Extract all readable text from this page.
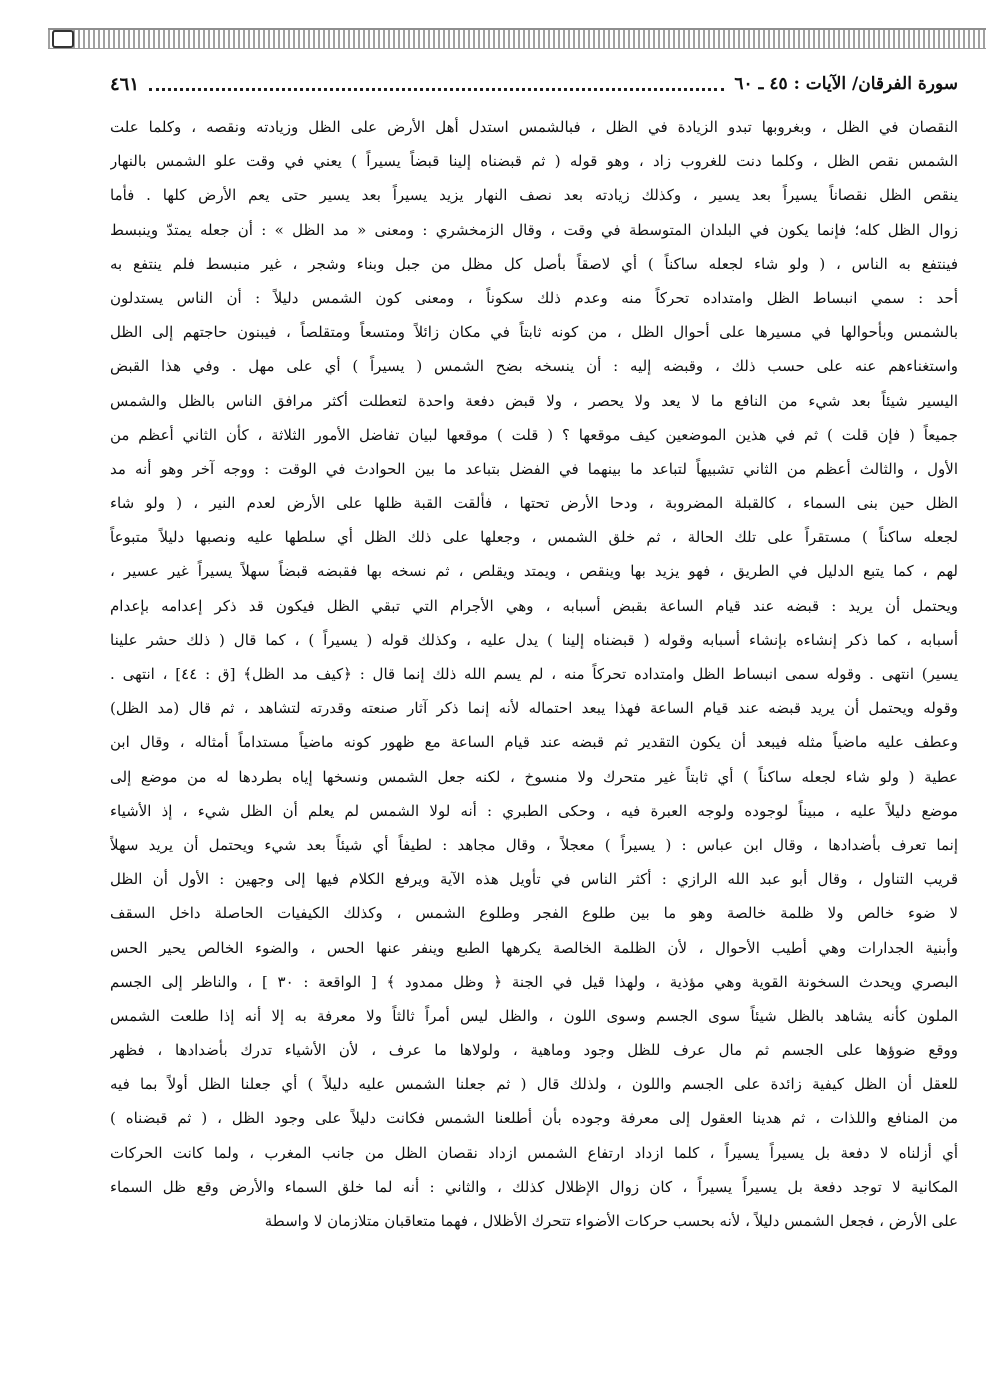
سورة الفرقان/ الآيات : ٤٥ ـ ٦٠
٤٦١
النقصان في الظل ، وبغروبها تبدو الزيادة في الظل ، فبالشمس استدل أهل الأرض على الظل وزيادته ونقصه ، وكلما علت
الشمس نقص الظل ، وكلما دنت للغروب زاد ، وهو قوله ( ثم قبضناه إلينا قبضاً يسيراً ) يعني في وقت علو الشمس بالنهار
ينقص الظل نقصاناً يسيراً بعد يسير ، وكذلك زيادته بعد نصف النهار يزيد يسيراً بعد يسير حتى يعم الأرض كلها . فأما
زوال الظل كله؛ فإنما يكون في البلدان المتوسطة في وقت ، وقال الزمخشري : ومعنى « مد الظل » : أن جعله يمتدّ وينبسط
فينتفع به الناس ، ( ولو شاء لجعله ساكناً ) أي لاصقاً بأصل كل مظل من جبل وبناء وشجر ، غير منبسط فلم ينتفع به
أحد : سمي انبساط الظل وامتداده تحركاً منه وعدم ذلك سكوناً ، ومعنى كون الشمس دليلاً : أن الناس يستدلون
بالشمس وبأحوالها في مسيرها على أحوال الظل ، من كونه ثابتاً في مكان زائلاً ومتسعاً ومتقلصاً ، فيبنون حاجتهم إلى الظل
واستغناءهم عنه على حسب ذلك ، وقبضه إليه : أن ينسخه بضح الشمس ( يسيراً ) أي على مهل . وفي هذا القبض
اليسير شيئاً بعد شيء من النافع ما لا يعد ولا يحصر ، ولا قبض دفعة واحدة لتعطلت أكثر مرافق الناس بالظل والشمس
جميعاً ( فإن قلت ) ثم في هذين الموضعين كيف موقعها ؟ ( قلت ) موقعها لبيان تفاضل الأمور الثلاثة ، كأن الثاني أعظم من
الأول ، والثالث أعظم من الثاني تشبيهاً لتباعد ما بينهما في الفضل بتباعد ما بين الحوادث في الوقت : ووجه آخر وهو أنه مد
الظل حين بنى السماء ، كالقبلة المضروبة ، ودحا الأرض تحتها ، فألقت القبة ظلها على الأرض لعدم النير ، ( ولو شاء
لجعله ساكناً ) مستقراً على تلك الحالة ، ثم خلق الشمس ، وجعلها على ذلك الظل أي سلطها عليه ونصبها دليلاً متبوعاً
لهم ، كما يتبع الدليل في الطريق ، فهو يزيد بها وينقص ، ويمتد ويقلص ، ثم نسخه بها فقبضه قبضاً سهلاً يسيراً غير عسير ،
ويحتمل أن يريد : قبضه عند قيام الساعة بقبض أسبابه ، وهي الأجرام التي تبقي الظل فيكون قد ذكر إعدامه بإعدام
أسبابه ، كما ذكر إنشاءه بإنشاء أسبابه وقوله ( قبضناه إلينا ) يدل عليه ، وكذلك قوله ( يسيراً ) ، كما قال ( ذلك حشر علينا
يسير) انتهى . وقوله سمى انبساط الظل وامتداده تحركاً منه ، لم يسم الله ذلك إنما قال : ﴿كيف مد الظل﴾ [ق : ٤٤] ، انتهى .
وقوله ويحتمل أن يريد قبضه عند قيام الساعة فهذا يبعد احتماله لأنه إنما ذكر آثار صنعته وقدرته لتشاهد ، ثم قال (مد الظل)
وعطف عليه ماضياً مثله فيبعد أن يكون التقدير ثم قبضه عند قيام الساعة مع ظهور كونه ماضياً مستداماً أمثاله ، وقال ابن
عطية ( ولو شاء لجعله ساكناً ) أي ثابتاً غير متحرك ولا منسوخ ، لكنه جعل الشمس ونسخها إياه بطردها له من موضع إلى
موضع دليلاً عليه ، مبيناً لوجوده ولوجه العبرة فيه ، وحكى الطبري : أنه لولا الشمس لم يعلم أن الظل شيء ، إذ الأشياء
إنما تعرف بأضدادها ، وقال ابن عباس : ( يسيراً ) معجلاً ، وقال مجاهد : لطيفاً أي شيئاً بعد شيء ويحتمل أن يريد سهلاً
قريب التناول ، وقال أبو عبد الله الرازي : أكثر الناس في تأويل هذه الآية ويرفع الكلام فيها إلى وجهين : الأول أن الظل
لا ضوء خالص ولا ظلمة خالصة وهو ما بين طلوع الفجر وطلوع الشمس ، وكذلك الكيفيات الحاصلة داخل السقف
وأبنية الجدارات وهي أطيب الأحوال ، لأن الظلمة الخالصة يكرهها الطبع وينفر عنها الحس ، والضوء الخالص يحير الحس
البصري ويحدث السخونة القوية وهي مؤذية ، ولهذا قيل في الجنة ﴿ وظل ممدود ﴾ [ الواقعة : ٣٠ ] ، والناظر إلى الجسم
الملون كأنه يشاهد بالظل شيئاً سوى الجسم وسوى اللون ، والظل ليس أمراً ثالثاً ولا معرفة به إلا أنه إذا طلعت الشمس
ووقع ضوؤها على الجسم ثم مال عرف للظل وجود وماهية ، ولولاها ما عرف ، لأن الأشياء تدرك بأضدادها ، فظهر
للعقل أن الظل كيفية زائدة على الجسم واللون ، ولذلك قال ( ثم جعلنا الشمس عليه دليلاً ) أي جعلنا الظل أولاً بما فيه
من المنافع واللذات ، ثم هدينا العقول إلى معرفة وجوده بأن أطلعنا الشمس فكانت دليلاً على وجود الظل ، ( ثم قبضناه )
أي أزلناه لا دفعة بل يسيراً يسيراً ، كلما ازداد ارتفاع الشمس ازداد نقصان الظل من جانب المغرب ، ولما كانت الحركات
المكانية لا توجد دفعة بل يسيراً يسيراً ، كان زوال الإظلال كذلك ، والثاني : أنه لما خلق السماء والأرض وقع ظل السماء
على الأرض ، فجعل الشمس دليلاً ، لأنه بحسب حركات الأضواء تتحرك الأظلال ، فهما متعاقبان متلازمان لا واسطة
